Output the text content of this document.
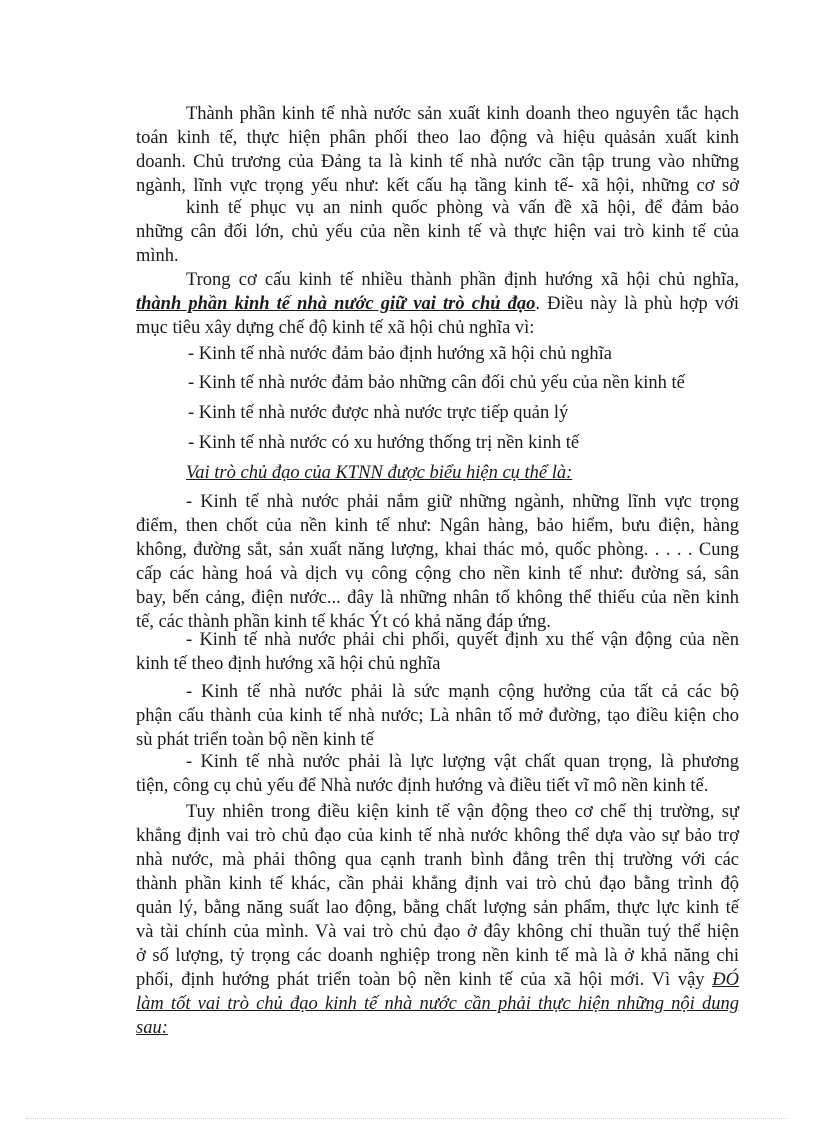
Thành phần kinh tế nhà nước sản xuất kinh doanh theo nguyên tắc hạch
toán kinh tế, thực hiện phân phối theo lao động và hiệu quảsản xuất kinh
doanh. Chủ trương của Đảng ta là kinh tế nhà nước cần tập trung vào những
ngành, lĩnh vực trọng yếu như: kết cấu hạ tầng kinh tế- xã hội, những cơ sở

kinh tế phục vụ an ninh quốc phòng và vấn đề xã hội, để đảm bảo
những cân đối lớn, chủ yếu của nền kinh tế và thực hiện vai trò kinh tế của
mình.

Trong cơ cấu kinh tế nhiều thành phần định hướng xã hội chủ nghĩa,
thành phần kinh tế nhà nước giữ vai trò chủ đạo. Điều này là phù hợp với
mục tiêu xây dựng chế độ kinh tế xã hội chủ nghĩa vì:

- Kinh tế nhà nước đảm bảo định hướng xã hội chủ nghĩa

- Kinh tế nhà nước đảm bảo những cân đối chủ yếu của nền kinh tế

- Kinh tế nhà nước được nhà nước trực tiếp quản lý

- Kinh tế nhà nước có xu hướng thống trị nền kinh tế

Vai trò chủ đạo của KTNN được biểu hiện cụ thể là:

- Kinh tế nhà nước phải nắm giữ những ngành, những lĩnh vực trọng
điểm, then chốt của nền kinh tế như: Ngân hàng, bảo hiểm, bưu điện, hàng
không, đường sắt, sản xuất năng lượng, khai thác mỏ, quốc phòng. . . . . Cung
cấp các hàng hoá và dịch vụ công cộng cho nền kinh tế như: đường sá, sân
bay, bến cảng, điện nước... đây là những nhân tố không thể thiếu của nền kinh
tế, các thành phần kinh tế khác Ýt có khả năng đáp ứng.

- Kinh tế nhà nước phải chi phối, quyết định xu thế vận động của nền
kinh tế theo định hướng xã hội chủ nghĩa

- Kinh tế nhà nước phải là sức mạnh cộng hưởng của tất cả các bộ
phận cấu thành của kinh tế nhà nước; Là nhân tố mở đường, tạo điều kiện cho
sù phát triển toàn bộ nền kinh tế

- Kinh tế nhà nước phải là lực lượng vật chất quan trọng, là phương
tiện, công cụ chủ yếu để Nhà nước định hướng và điều tiết vĩ mô nền kinh tế.

Tuy nhiên trong điều kiện kinh tế vận động theo cơ chế thị trường, sự
khẳng định vai trò chủ đạo của kinh tế nhà nước không thể dựa vào sự bảo trợ
nhà nước, mà phải thông qua cạnh tranh bình đẳng trên thị trường với các
thành phần kinh tế khác, cần phải khẳng định vai trò chủ đạo bằng trình độ
quản lý, bằng năng suất lao động, bằng chất lượng sản phẩm, thực lực kinh tế
và tài chính của mình. Và vai trò chủ đạo ở đây không chỉ thuần tuý thể hiện
ở số lượng, tỷ trọng các doanh nghiệp trong nền kinh tế mà là ở khả năng chi
phối, định hướng phát triển toàn bộ nền kinh tế của xã hội mới. Vì vậy ĐÓ
làm tốt vai trò chủ đạo kinh tế nhà nước cần phải thực hiện những nội dung
sau:
